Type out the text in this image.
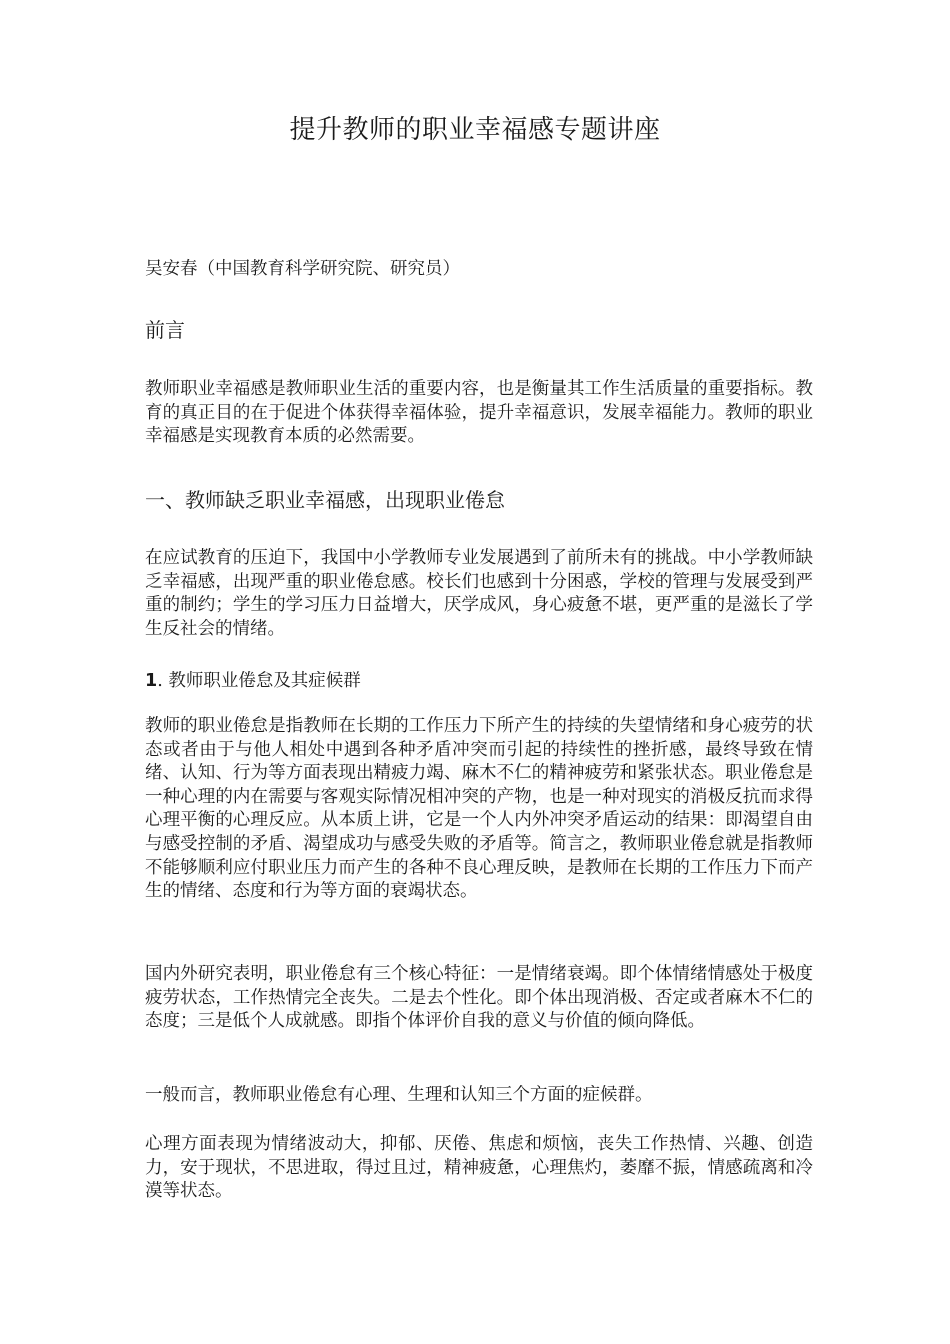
提升教师的职业幸福感专题讲座
吴安春（中国教育科学研究院、研究员）
前言
教师职业幸福感是教师职业生活的重要内容，也是衡量其工作生活质量的重要指标。教育的真正目的在于促进个体获得幸福体验，提升幸福意识，发展幸福能力。教师的职业幸福感是实现教育本质的必然需要。
一、教师缺乏职业幸福感，出现职业倦怠
在应试教育的压迫下，我国中小学教师专业发展遇到了前所未有的挑战。中小学教师缺乏幸福感，出现严重的职业倦怠感。校长们也感到十分困惑，学校的管理与发展受到严重的制约；学生的学习压力日益增大，厌学成风，身心疲惫不堪，更严重的是滋长了学生反社会的情绪。
1. 教师职业倦怠及其症候群
教师的职业倦怠是指教师在长期的工作压力下所产生的持续的失望情绪和身心疲劳的状态或者由于与他人相处中遇到各种矛盾冲突而引起的持续性的挫折感，最终导致在情绪、认知、行为等方面表现出精疲力竭、麻木不仁的精神疲劳和紧张状态。职业倦怠是一种心理的内在需要与客观实际情况相冲突的产物，也是一种对现实的消极反抗而求得心理平衡的心理反应。从本质上讲，它是一个人内外冲突矛盾运动的结果：即渴望自由与感受控制的矛盾、渴望成功与感受失败的矛盾等。简言之，教师职业倦怠就是指教师不能够顺利应付职业压力而产生的各种不良心理反映，是教师在长期的工作压力下而产生的情绪、态度和行为等方面的衰竭状态。
国内外研究表明，职业倦怠有三个核心特征：一是情绪衰竭。即个体情绪情感处于极度疲劳状态，工作热情完全丧失。二是去个性化。即个体出现消极、否定或者麻木不仁的态度；三是低个人成就感。即指个体评价自我的意义与价值的倾向降低。
一般而言，教师职业倦怠有心理、生理和认知三个方面的症候群。
心理方面表现为情绪波动大，抑郁、厌倦、焦虑和烦恼，丧失工作热情、兴趣、创造力，安于现状，不思进取，得过且过，精神疲惫，心理焦灼，萎靡不振，情感疏离和冷漠等状态。
